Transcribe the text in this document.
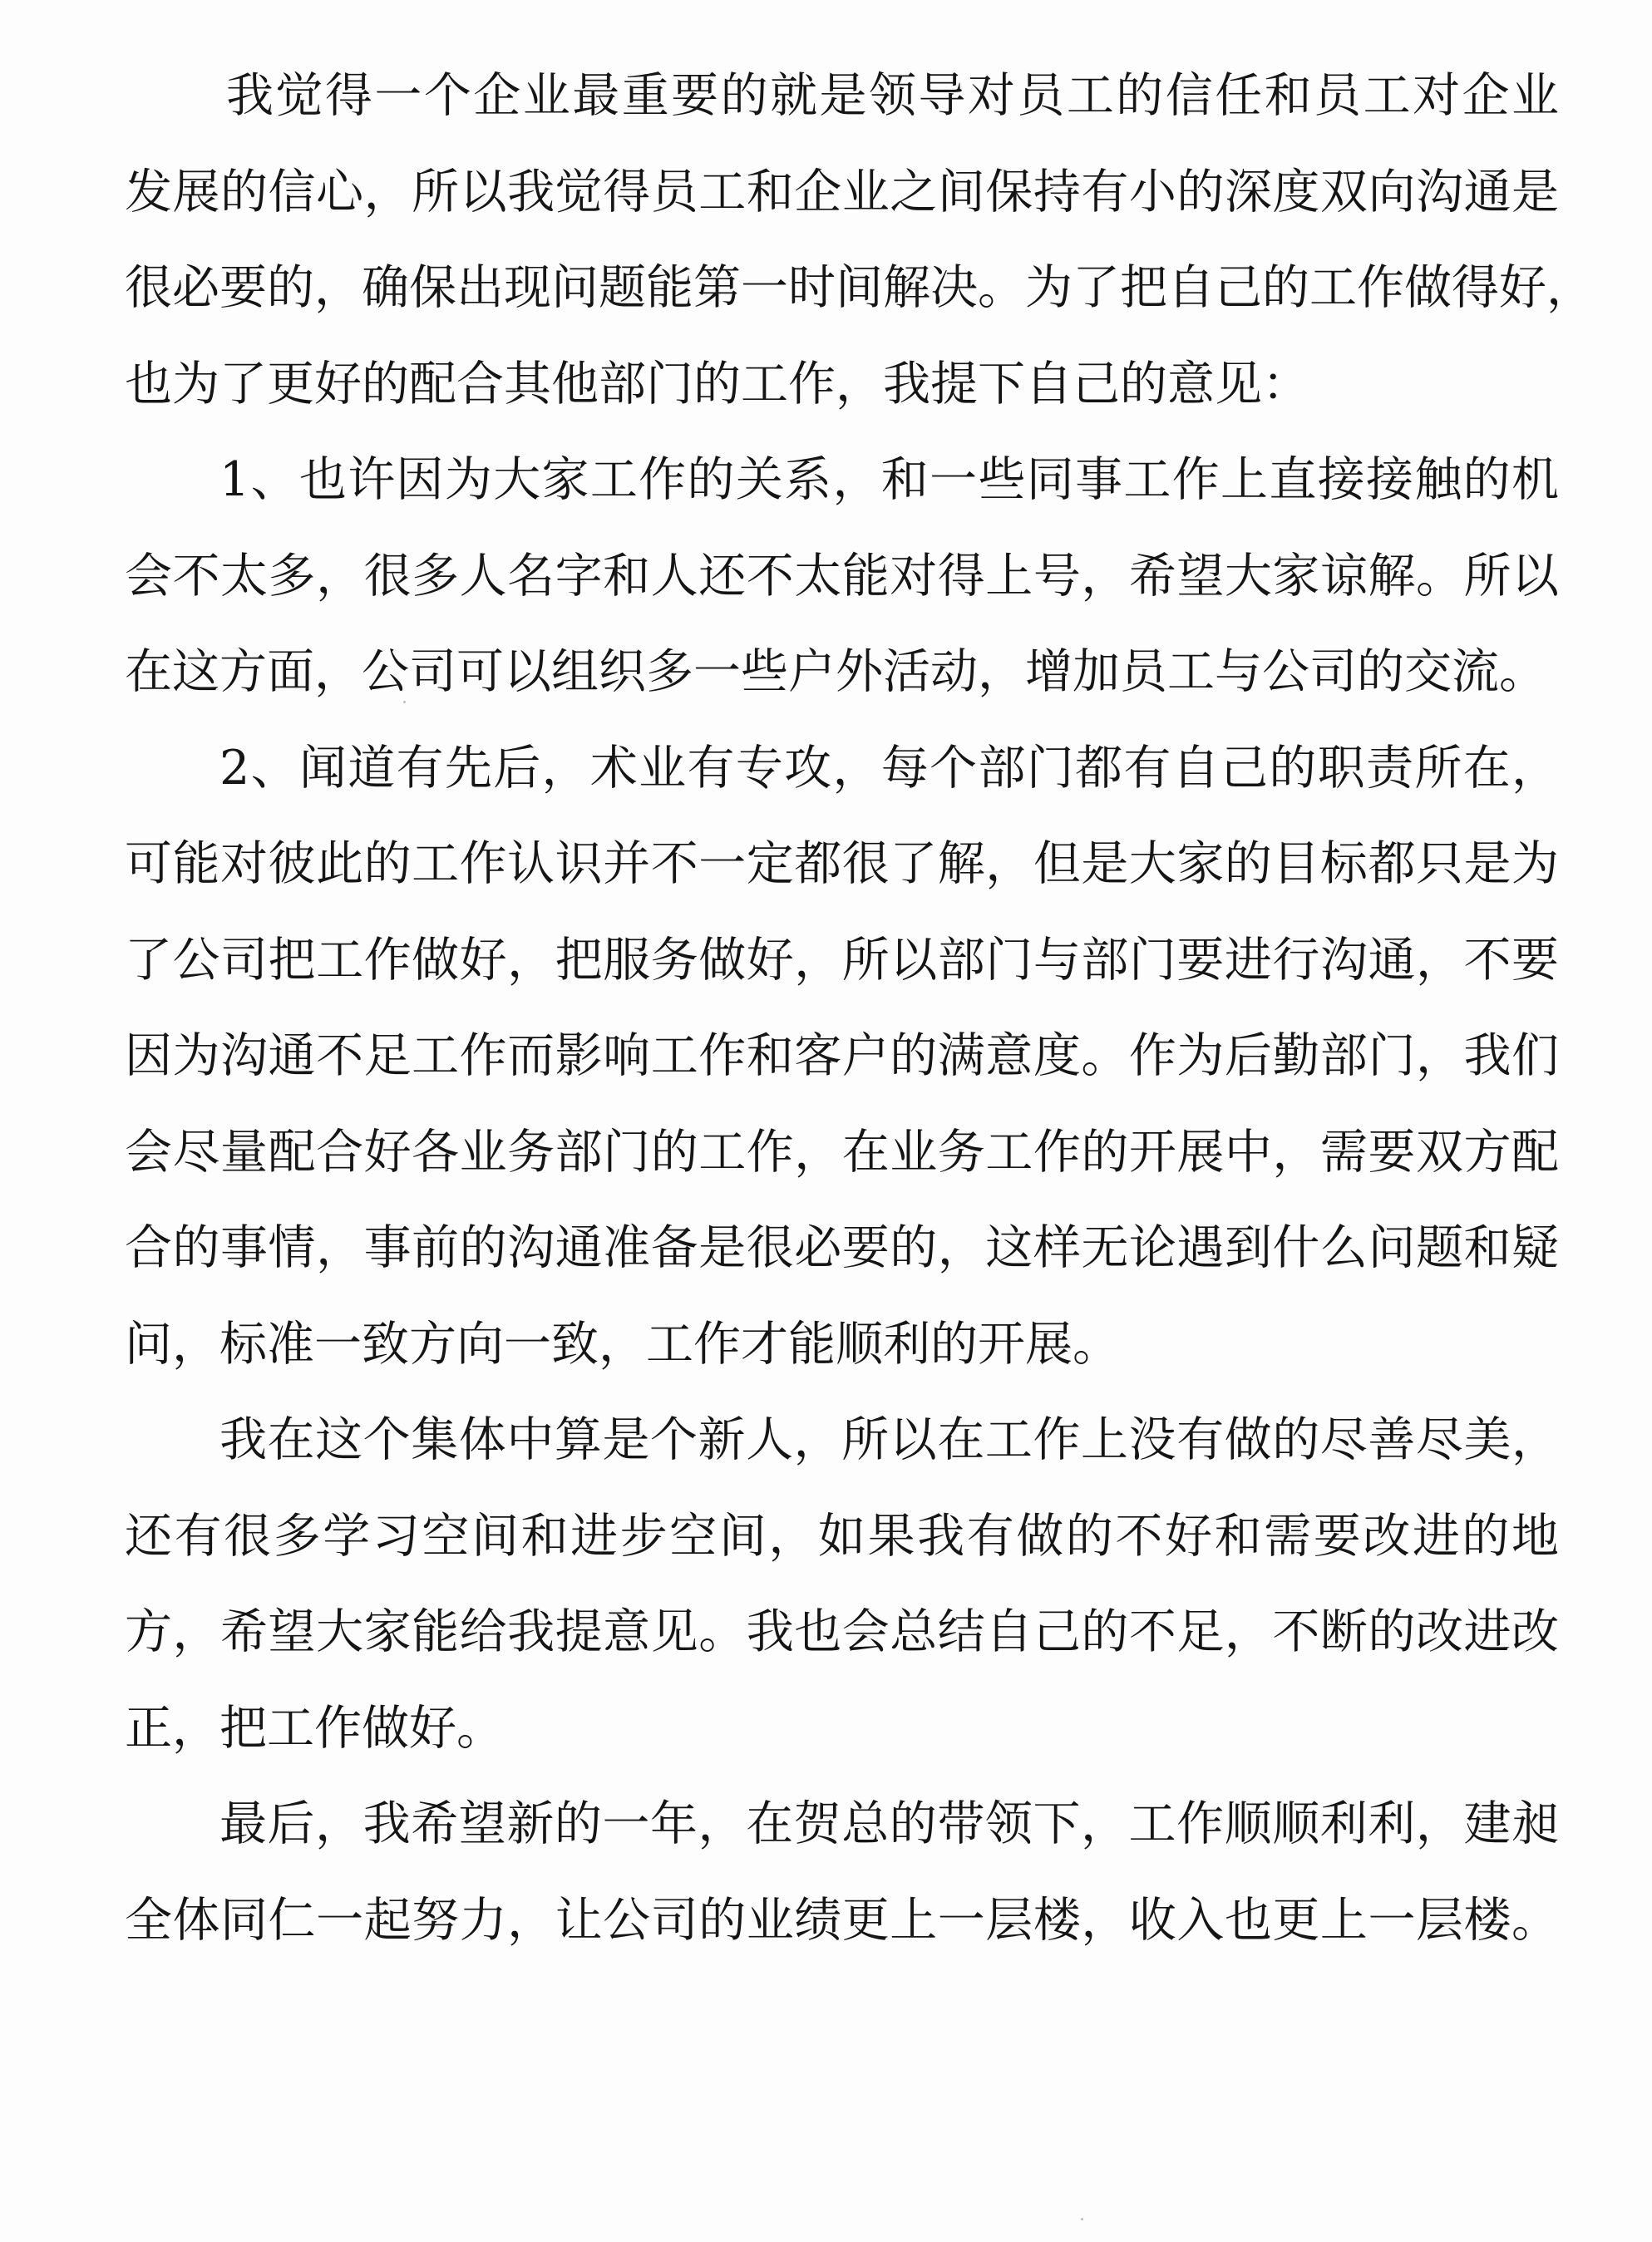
我觉得一个企业最重要的就是领导对员工的信任和员工对企业
发展的信心，所以我觉得员工和企业之间保持有小的深度双向沟通是
很必要的，确保出现问题能第一时间解决。为了把自己的工作做得好，
也为了更好的配合其他部门的工作，我提下自己的意见：

1、也许因为大家工作的关系，和一些同事工作上直接接触的机
会不太多，很多人名字和人还不太能对得上号，希望大家谅解。所以
在这方面，公司可以组织多一些户外活动，增加员工与公司的交流。

2、闻道有先后，术业有专攻，每个部门都有自己的职责所在，
可能对彼此的工作认识并不一定都很了解，但是大家的目标都只是为
了公司把工作做好，把服务做好，所以部门与部门要进行沟通，不要
因为沟通不足工作而影响工作和客户的满意度。作为后勤部门，我们
会尽量配合好各业务部门的工作，在业务工作的开展中，需要双方配
合的事情，事前的沟通准备是很必要的，这样无论遇到什么问题和疑
问，标准一致方向一致，工作才能顺利的开展。

我在这个集体中算是个新人，所以在工作上没有做的尽善尽美，
还有很多学习空间和进步空间，如果我有做的不好和需要改进的地
方，希望大家能给我提意见。我也会总结自己的不足，不断的改进改
正，把工作做好。

最后，我希望新的一年，在贺总的带领下，工作顺顺利利，建昶
全体同仁一起努力，让公司的业绩更上一层楼，收入也更上一层楼。
